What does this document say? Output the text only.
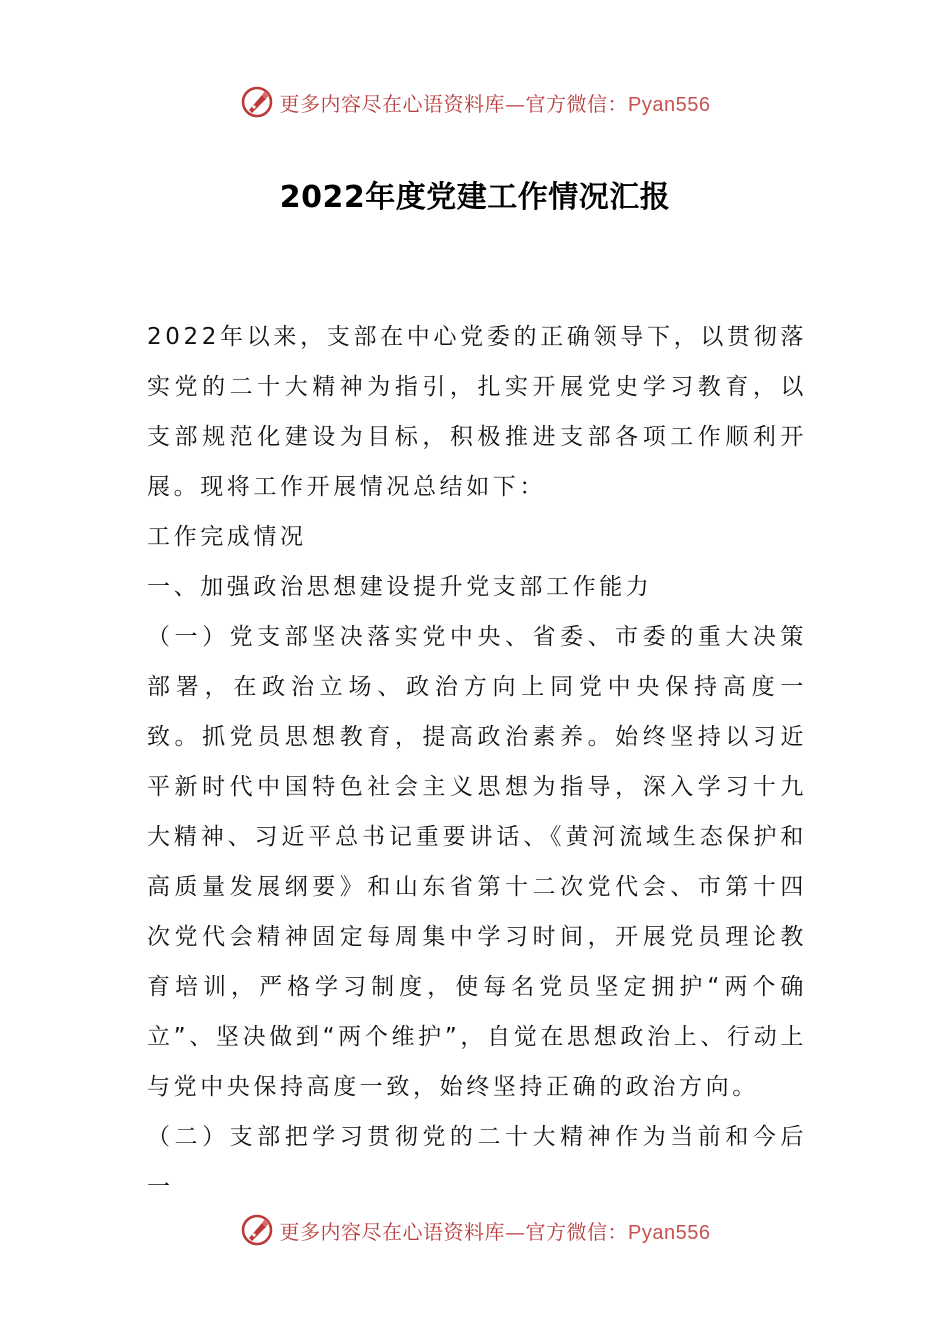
更多内容尽在心语资料库—官方微信：Pyan556
2022年度党建工作情况汇报

2022年以来，支部在中心党委的正确领导下，以贯彻落实党的二十大精神为指引，扎实开展党史学习教育，以支部规范化建设为目标，积极推进支部各项工作顺利开展。现将工作开展情况总结如下：

工作完成情况

一、加强政治思想建设提升党支部工作能力

（一）党支部坚决落实党中央、省委、市委的重大决策部署，在政治立场、政治方向上同党中央保持高度一致。抓党员思想教育，提高政治素养。始终坚持以习近平新时代中国特色社会主义思想为指导，深入学习十九大精神、习近平总书记重要讲话、《黄河流域生态保护和高质量发展纲要》和山东省第十二次党代会、市第十四次党代会精神固定每周集中学习时间，开展党员理论教育培训，严格学习制度，使每名党员坚定拥护“两个确立”、坚决做到“两个维护”，自觉在思想政治上、行动上与党中央保持高度一致，始终坚持正确的政治方向。

（二）支部把学习贯彻党的二十大精神作为当前和今后一

更多内容尽在心语资料库—官方微信：Pyan556
